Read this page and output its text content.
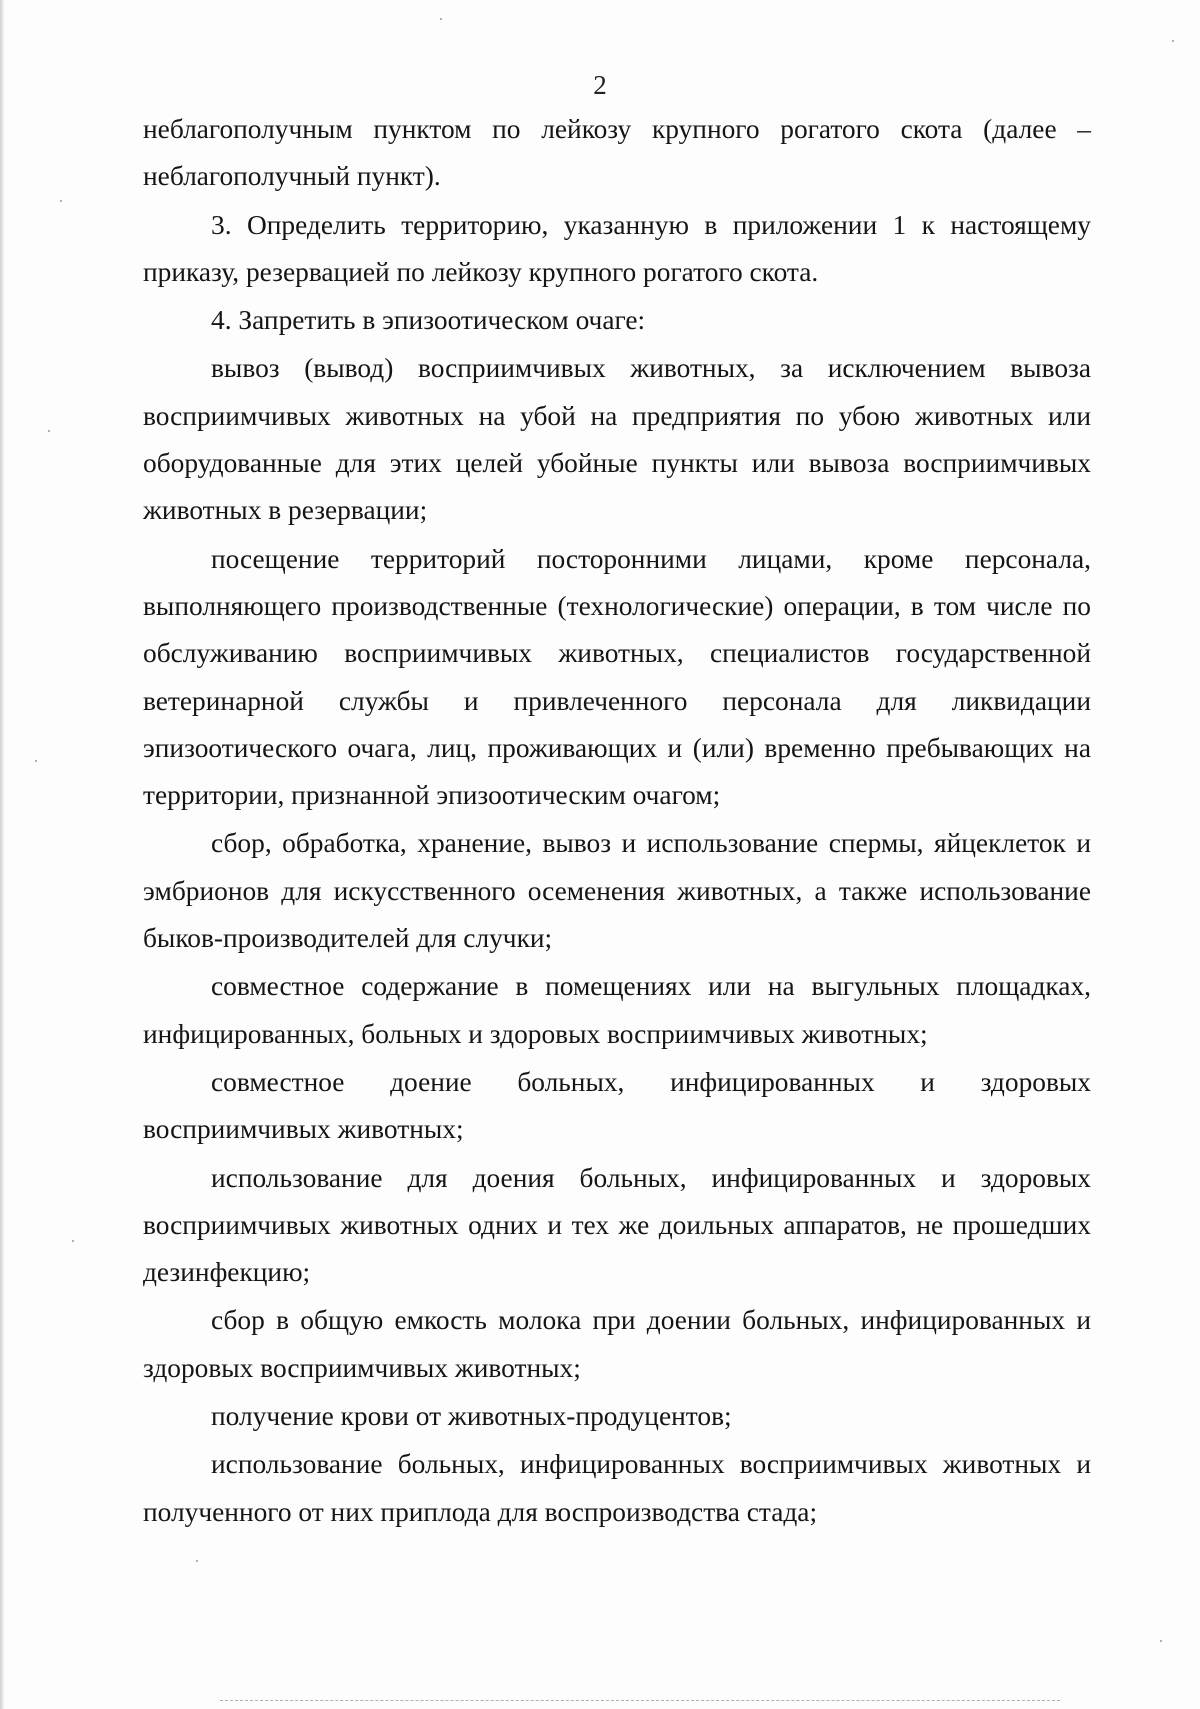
2

неблагополучным пунктом по лейкозу крупного рогатого скота (далее – неблагополучный пункт).

3. Определить территорию, указанную в приложении 1 к настоящему приказу, резервацией по лейкозу крупного рогатого скота.

4. Запретить в эпизоотическом очаге:

вывоз (вывод) восприимчивых животных, за исключением вывоза восприимчивых животных на убой на предприятия по убою животных или оборудованные для этих целей убойные пункты или вывоза восприимчивых животных в резервации;

посещение территорий посторонними лицами, кроме персонала, выполняющего производственные (технологические) операции, в том числе по обслуживанию восприимчивых животных, специалистов государственной ветеринарной службы и привлеченного персонала для ликвидации эпизоотического очага, лиц, проживающих и (или) временно пребывающих на территории, признанной эпизоотическим очагом;

сбор, обработка, хранение, вывоз и использование спермы, яйцеклеток и эмбрионов для искусственного осеменения животных, а также использование быков-производителей для случки;

совместное содержание в помещениях или на выгульных площадках, инфицированных, больных и здоровых восприимчивых животных;

совместное доение больных, инфицированных и здоровых восприимчивых животных;

использование для доения больных, инфицированных и здоровых восприимчивых животных одних и тех же доильных аппаратов, не прошедших дезинфекцию;

сбор в общую емкость молока при доении больных, инфицированных и здоровых восприимчивых животных;

получение крови от животных-продуцентов;

использование больных, инфицированных восприимчивых животных и полученного от них приплода для воспроизводства стада;
